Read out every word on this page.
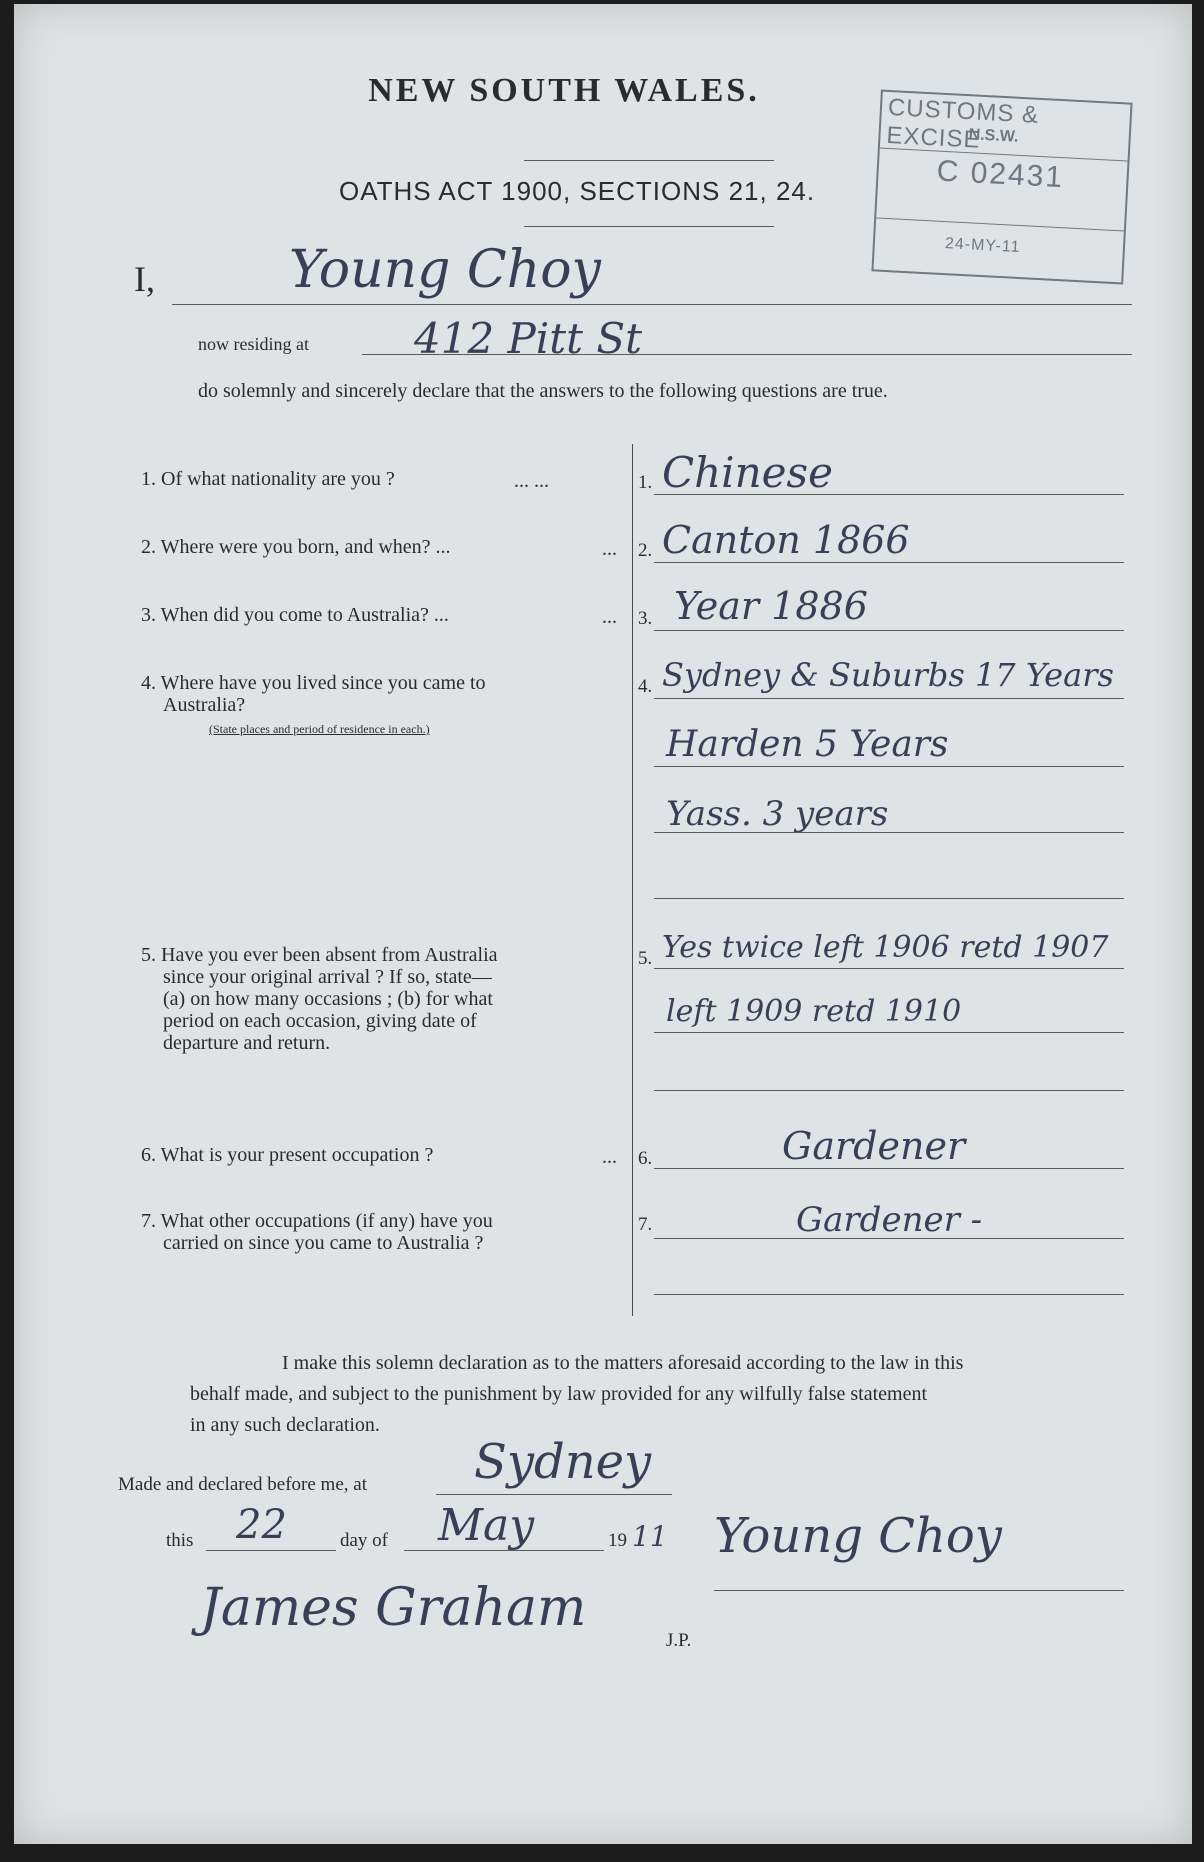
NEW SOUTH WALES.
OATHS ACT 1900, SECTIONS 21, 24.
CUSTOMS & EXCISE
N.S.W.
C 02431
24-MY-11
I,	Young Choy
now residing at	412 Pitt St
do solemnly and sincerely declare that the answers to the following questions are true.
1. Of what nationality are you ?	... ...	1. Chinese
2. Where were you born, and when? ...	... 2. Canton 1866
3. When did you come to Australia? ...	... 3. Year 1886
4. Where have you lived since you came to
Australia?
(State places and period of residence in each.)
4. Sydney & Suburbs 17 Years
Harden 5 Years
Yass. 3 years
5. Have you ever been absent from Australia
since your original arrival ? If so, state—
(a) on how many occasions ; (b) for what
period on each occasion, giving date of
departure and return.
5. Yes twice left 1906 retd 1907
left 1909 retd 1910
6. What is your present occupation ?	... 6.	Gardener
7. What other occupations (if any) have you
carried on since you came to Australia ?
7.	Gardener -
I make this solemn declaration as to the matters aforesaid according to the law in this
behalf made, and subject to the punishment by law provided for any wilfully false statement
in any such declaration.
Made and declared before me, at Sydney
this 22	day of May	19 11 Young Choy
James Graham
J.P.
